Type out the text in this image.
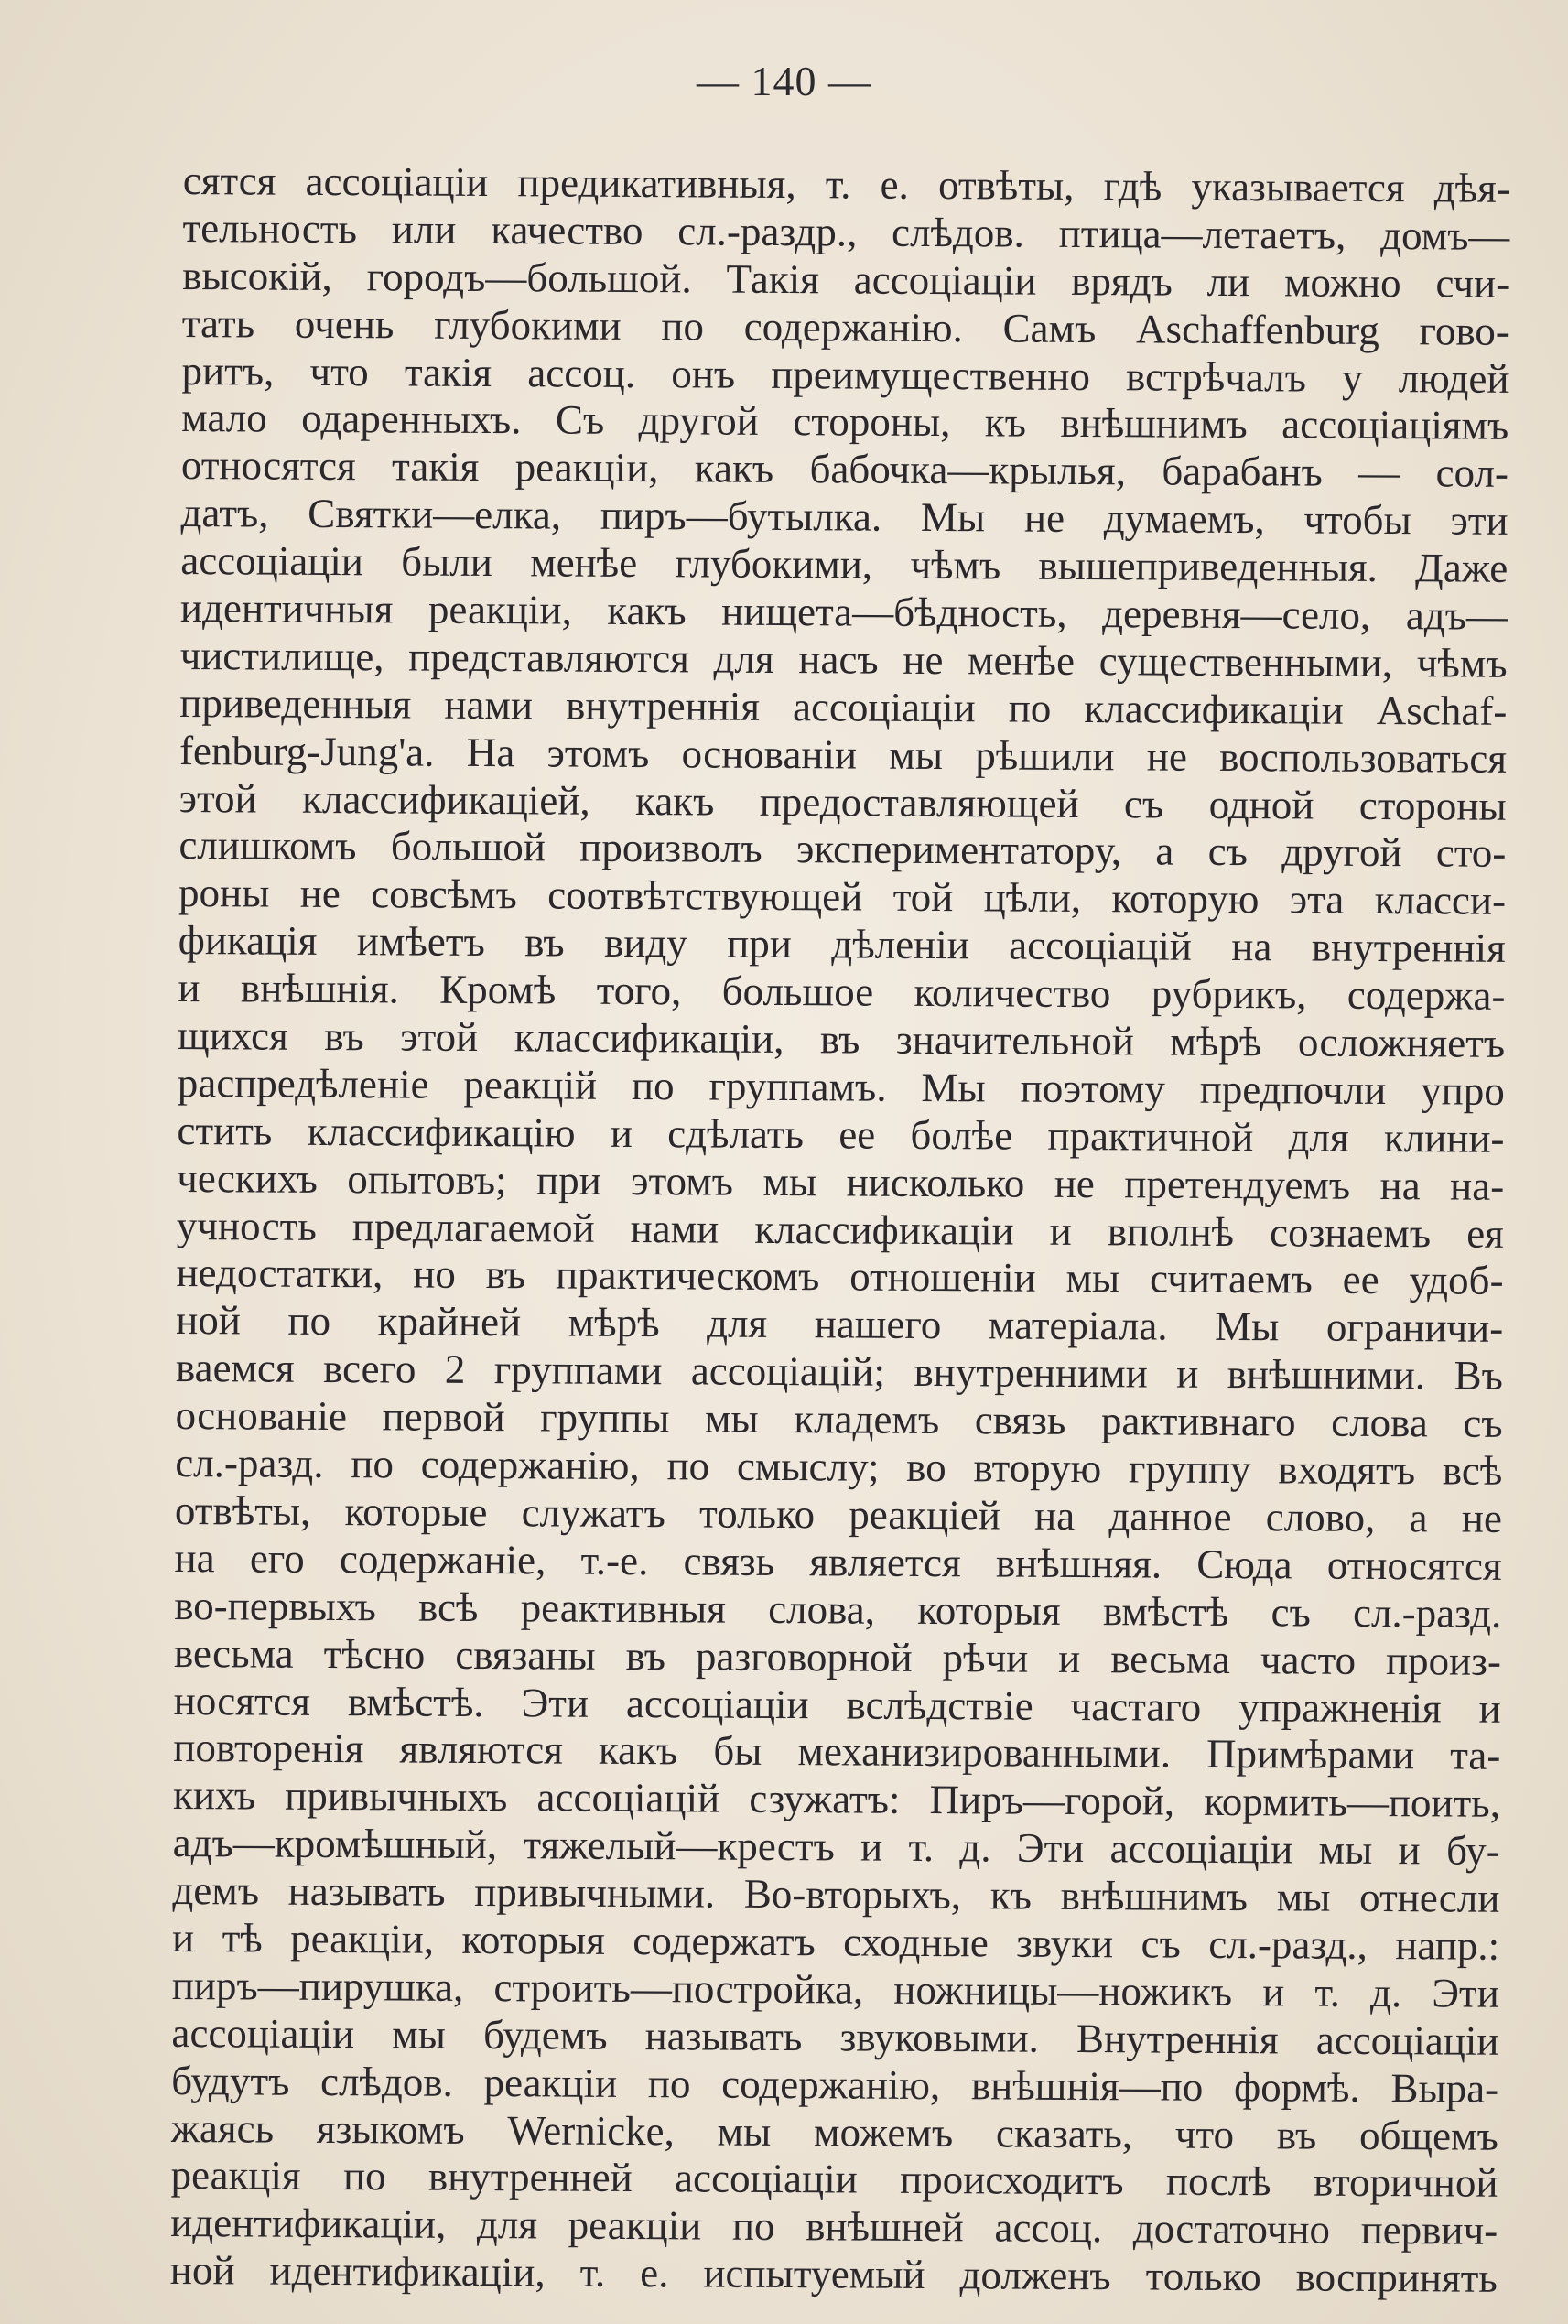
— 140 —
сятся ассоціаціи предикативныя, т. е. отвѣты, гдѣ указывается дѣя-
тельность или качество сл.-раздр., слѣдов. птица—летаетъ, домъ—
высокій, городъ—большой. Такія ассоціаціи врядъ ли можно счи-
тать очень глубокими по содержанію. Самъ Aschaffenburg гово-
ритъ, что такія ассоц. онъ преимущественно встрѣчалъ у людей
мало одаренныхъ. Съ другой стороны, къ внѣшнимъ ассоціаціямъ
относятся такія реакціи, какъ бабочка—крылья, барабанъ — сол-
датъ, Святки—елка, пиръ—бутылка. Мы не думаемъ, чтобы эти
ассоціаціи были менѣе глубокими, чѣмъ вышеприведенныя. Даже
идентичныя реакціи, какъ нищета—бѣдность, деревня—село, адъ—
чистилище, представляются для насъ не менѣе существенными, чѣмъ
приведенныя нами внутреннія ассоціаціи по классификаціи Aschaf-
fenburg-Jung'а. На этомъ основаніи мы рѣшили не воспользоваться
этой классификаціей, какъ предоставляющей съ одной стороны
слишкомъ большой произволъ экспериментатору, а съ другой сто-
роны не совсѣмъ соотвѣтствующей той цѣли, которую эта класси-
фикація имѣетъ въ виду при дѣленіи ассоціацій на внутреннія
и внѣшнія. Кромѣ того, большое количество рубрикъ, содержа-
щихся въ этой классификаціи, въ значительной мѣрѣ осложняетъ
распредѣленіе реакцій по группамъ. Мы поэтому предпочли упро
стить классификацію и сдѣлать ее болѣе практичной для клини-
ческихъ опытовъ; при этомъ мы нисколько не претендуемъ на на-
учность предлагаемой нами классификаціи и вполнѣ сознаемъ ея
недостатки, но въ практическомъ отношеніи мы считаемъ ее удоб-
ной по крайней мѣрѣ для нашего матеріала. Мы ограничи-
ваемся всего 2 группами ассоціацій; внутренними и внѣшними. Въ
основаніе первой группы мы кладемъ связь рактивнаго слова съ
сл.-разд. по содержанію, по смыслу; во вторую группу входятъ всѣ
отвѣты, которые служатъ только реакціей на данное слово, а не
на его содержаніе, т.-е. связь является внѣшняя. Сюда относятся
во-первыхъ всѣ реактивныя слова, которыя вмѣстѣ съ сл.-разд.
весьма тѣсно связаны въ разговорной рѣчи и весьма часто произ-
носятся вмѣстѣ. Эти ассоціаціи вслѣдствіе частаго упражненія и
повторенія являются какъ бы механизированными. Примѣрами та-
кихъ привычныхъ ассоціацій сзужатъ: Пиръ—горой, кормить—поить,
адъ—кромѣшный, тяжелый—крестъ и т. д. Эти ассоціаціи мы и бу-
демъ называть привычными. Во-вторыхъ, къ внѣшнимъ мы отнесли
и тѣ реакціи, которыя содержатъ сходные звуки съ сл.-разд., напр.:
пиръ—пирушка, строить—постройка, ножницы—ножикъ и т. д. Эти
ассоціаціи мы будемъ называть звуковыми. Внутреннія ассоціаціи
будутъ слѣдов. реакціи по содержанію, внѣшнія—по формѣ. Выра-
жаясь языкомъ Wernicke, мы можемъ сказать, что въ общемъ
реакція по внутренней ассоціаціи происходитъ послѣ вторичной
идентификаціи, для реакціи по внѣшней ассоц. достаточно первич-
ной идентификаціи, т. е. испытуемый долженъ только воспринять
